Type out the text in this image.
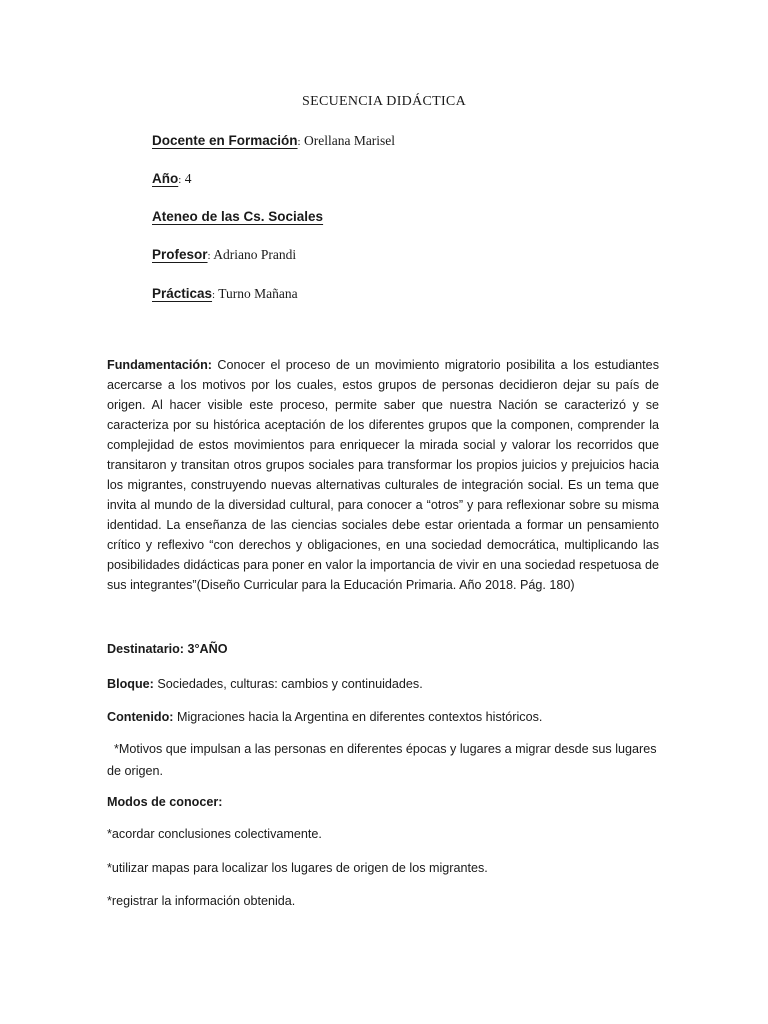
SECUENCIA DIDÁCTICA
Docente en Formación: Orellana Marisel
Año: 4
Ateneo de las Cs. Sociales
Profesor: Adriano Prandi
Prácticas: Turno Mañana
Fundamentación: Conocer el proceso de un movimiento migratorio posibilita a los estudiantes acercarse a los motivos por los cuales, estos grupos de personas decidieron dejar su país de origen. Al hacer visible este proceso, permite saber que nuestra Nación se caracterizó y se caracteriza por su histórica aceptación de los diferentes grupos que la componen, comprender la complejidad de estos movimientos para enriquecer la mirada social y valorar los recorridos que transitaron y transitan otros grupos sociales para transformar los propios juicios y prejuicios hacia los migrantes, construyendo nuevas alternativas culturales de integración social. Es un tema que invita al mundo de la diversidad cultural, para conocer a “otros” y para reflexionar sobre su misma identidad. La enseñanza de las ciencias sociales debe estar orientada a formar un pensamiento crítico y reflexivo “con derechos y obligaciones, en una sociedad democrática, multiplicando las posibilidades didácticas para poner en valor la importancia de vivir en una sociedad respetuosa de sus integrantes”(Diseño Curricular para la Educación Primaria. Año 2018. Pág. 180)
Destinatario: 3°AÑO
Bloque: Sociedades, culturas: cambios y continuidades.
Contenido: Migraciones hacia la Argentina en diferentes contextos históricos.
*Motivos que impulsan a las personas en diferentes épocas y lugares a migrar desde sus lugares de origen.
Modos de conocer:
*acordar conclusiones colectivamente.
*utilizar mapas para localizar los lugares de origen de los migrantes.
*registrar la información obtenida.
